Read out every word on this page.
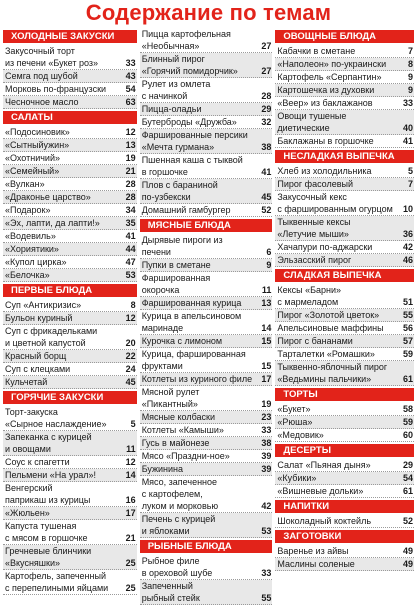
Содержание по темам
ХОЛОДНЫЕ ЗАКУСКИ
Закусочный торт
из печени «Букет роз»	33
Семга под шубой	43
Морковь по-французски 54
Чесночное масло	63
САЛАТЫ
«Подосиновик»	12
«Сытныйужин»	13
«Охотничий»	19
«Семейный»	21
«Вулкан»	28
«Драконье царство»	28
«Подарок»	34
«Эх, лапти, да лапти!»	35
«Водевиль»	41
«Хориятики»	44
«Купол цирка»	47
«Белочка»	53
ПЕРВЫЕ БЛЮДА
Суп «Антикризис»	8
Бульон куриный	12
Суп с фрикадельками
и цветной капустой	20
Красный борщ	22
Суп с клецками	24
Кульчетай	45
ГОРЯЧИЕ ЗАКУСКИ
Торт-закуска
«Сырное наслаждение»	5
Запеканка с курицей
и овощами	11
Соус к спагетти	12
Пельмени «На урал»!	14
Венгерский
паприкаш из курицы	16
«Жюльен»	17
Капуста тушеная
с мясом в горшочке	21
Гречневые блинчики
«Вкусняшки»	25
Картофель, запеченный
с перепелиными яйцами 25
Пицца картофельная
«Необычная»	27
Блинный пирог
«Горячий помидорчик»	27
Рулет из омлета
с начинкой	28
Пицца-оладьи	29
Бутерброды «Дружба»	32
Фаршированные персики
«Мечта гурмана»	38
Пшенная каша с тыквой
в горшочке	41
Плов с бараниной
по-узбекски	45
Домашний гамбургер	52
МЯСНЫЕ БЛЮДА
Дырявые пироги из печени	6
Пупки в сметане	9
Фаршированная
окорочка	11
Фаршированная курица 13
Курица в апельсиновом
маринаде	14
Курочка с лимоном	15
Курица, фаршированная
фруктами	15
Котлеты из куриного филе 17
Мясной рулет
«Пикантный»	19
Мясные колбаски	23
Котлеты «Камыши»	33
Гусь в майонезе	38
Мясо «Праздни-ное»	39
Бужинина	39
Мясо, запеченное
с картофелем,
луком и морковью	42
Печень с курицей
и яблоками	53
РЫБНЫЕ БЛЮДА
Рыбное филе
в ореховой шубе	33
Запеченный
рыбный стейк	55
ОВОЩНЫЕ БЛЮДА
Кабачки в сметане	7
«Наполеон» по-украински 8
Картофель «Серпантин»	9
Картошечка из духовки	9
«Веер» из баклажанов	33
Овощи тушеные
диетические	40
Баклажаны в горшочке	41
НЕСЛАДКАЯ ВЫПЕЧКА
Хлеб из холодильника	5
Пирог фасолевый	7
Закусочный кекс
с фаршированным огурцом 10
Тыквенные кексы
«Летучие мыши»	36
Хачапури по-аджарски	42
Эльзасский пирог	46
СЛАДКАЯ ВЫПЕЧКА
Кексы «Барни»
с мармеладом	51
Пирог «Золотой цветок»	55
Апельсиновые маффины 56
Пирог с бананами	57
Тарталетки «Ромашки»	59
Тыквенно-яблочный пирог
«Ведьмины пальчики»	61
ТОРТЫ
«Букет»	58
«Рюша»	59
«Медовик»	60
ДЕСЕРТЫ
Салат «Пьяная дыня»	29
«Кубики»	54
«Вишневые дольки»	61
НАПИТКИ
Шоколадный коктейль	52
ЗАГОТОВКИ
Варенье из айвы	49
Маслины соленые	49
